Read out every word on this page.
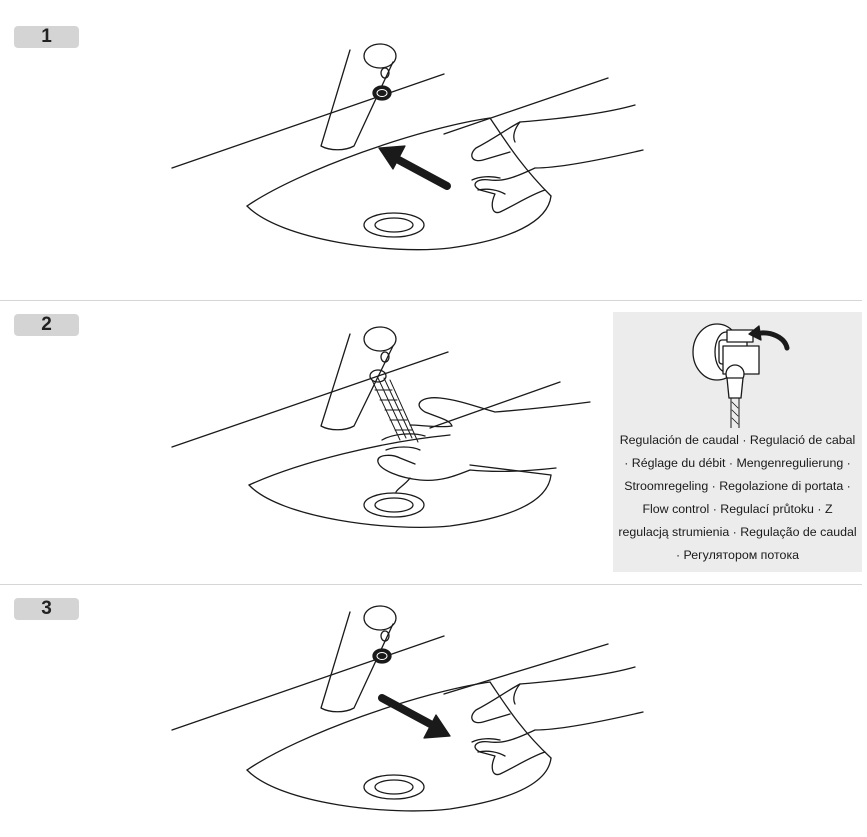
1
2
Regulación de caudal · Regulació de cabal · Réglage du débit · Mengenregulierung · Stroomregeling · Regolazione di portata · Flow control · Regulací průtoku · Z regulacją strumienia · Regulação de caudal · Регулятором потока
3
